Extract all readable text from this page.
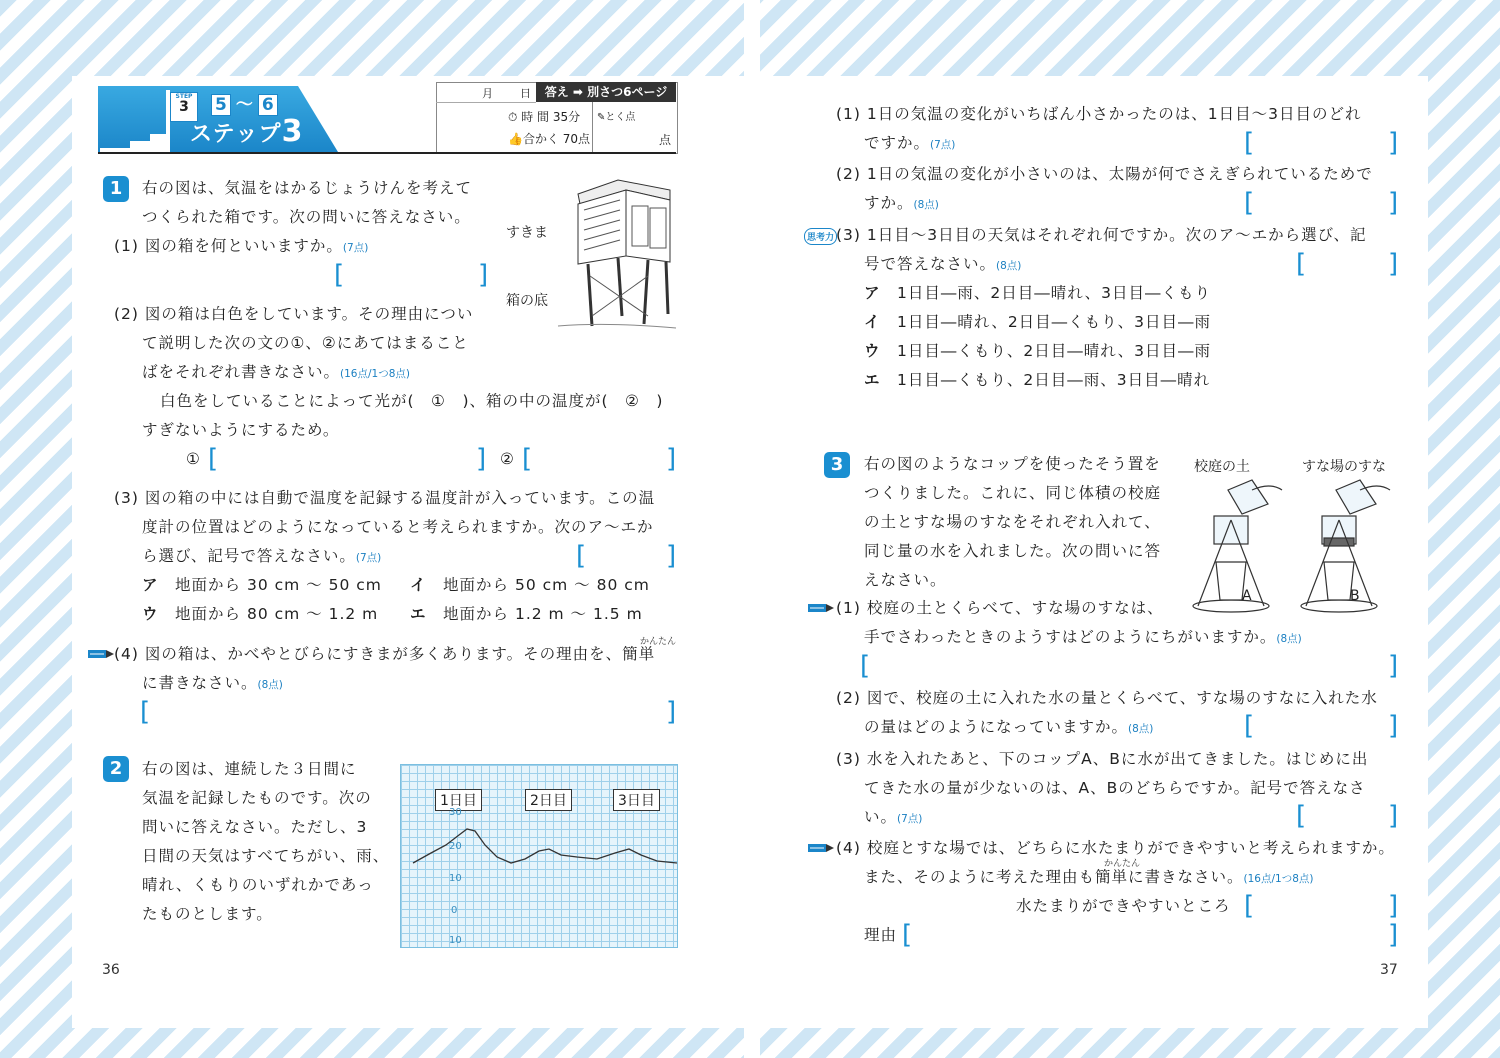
STEP
3	5 ～ 6
ステップ3
月 日	答え ➡ 別さつ6ページ
⏱ 時 間 35分
👍合かく 70点
✎とく点
点
1	右の図は、気温をはかるじょうけんを考えて
つくられた箱です。次の問いに答えなさい。
すきま
箱の底
(1) 図の箱を何といいますか。(7点)
[	]
(2) 図の箱は白色をしています。その理由につい
て説明した次の文の①、②にあてはまること
ばをそれぞれ書きなさい。(16点/1つ8点)
白色をしていることによって光が(　①　)、箱の中の温度が(　②　)
すぎないようにするため。
① [	] ② [	]
(3) 図の箱の中には自動で温度を記録する温度計が入っています。この温
度計の位置はどのようになっていると考えられますか。次のア～エか
ら選び、記号で答えなさい。(7点)	[	]
ア　 地面から 30 cm ～ 50 cm イ　 地面から 50 cm ～ 80 cm
ウ　 地面から 80 cm ～ 1.2 m エ　 地面から 1.2 m ～ 1.5 m
かんたん
(4) 図の箱は、かべやとびらにすきまが多くあります。その理由を、簡単
に書きなさい。(8点)
[	]
2	右の図は、連続した３日間に
気温を記録したものです。次の
問いに答えなさい。ただし、3
日間の天気はすべてちがい、雨、
晴れ、くもりのいずれかであっ
たものとします。
1日目	2日目	3日目
30
20
10
0
10
36
(1) 1日の気温の変化がいちばん小さかったのは、1日目～3日目のどれ
ですか。(7点)	[	]
(2) 1日の気温の変化が小さいのは、太陽が何でさえぎられているためで
すか。(8点)	[	]
思考力 (3) 1日目～3日目の天気はそれぞれ何ですか。次のア～エから選び、記
号で答えなさい。(8点)	[	]
ア　 1日目―雨、2日目―晴れ、3日目―くもり
イ　 1日目―晴れ、2日目―くもり、3日目―雨
ウ　 1日目―くもり、2日目―晴れ、3日目―雨
エ　 1日目―くもり、2日目―雨、3日目―晴れ
3	右の図のようなコップを使ったそう置を
つくりました。これに、同じ体積の校庭
の土とすな場のすなをそれぞれ入れて、
同じ量の水を入れました。次の問いに答
えなさい。
校庭の土	すな場のすな
A	B
(1) 校庭の土とくらべて、すな場のすなは、
手でさわったときのようすはどのようにちがいますか。(8点)
[	]
(2) 図で、校庭の土に入れた水の量とくらべて、すな場のすなに入れた水
の量はどのようになっていますか。(8点)	[	]
(3) 水を入れたあと、下のコップA、Bに水が出てきました。はじめに出
てきた水の量が少ないのは、A、Bのどちらですか。記号で答えなさ
い。(7点)	[	]
(4) 校庭とすな場では、どちらに水たまりができやすいと考えられますか。
かんたん
また、そのように考えた理由も簡単に書きなさい。(16点/1つ8点)
水たまりができやすいところ [	]
理由 [	]
37
